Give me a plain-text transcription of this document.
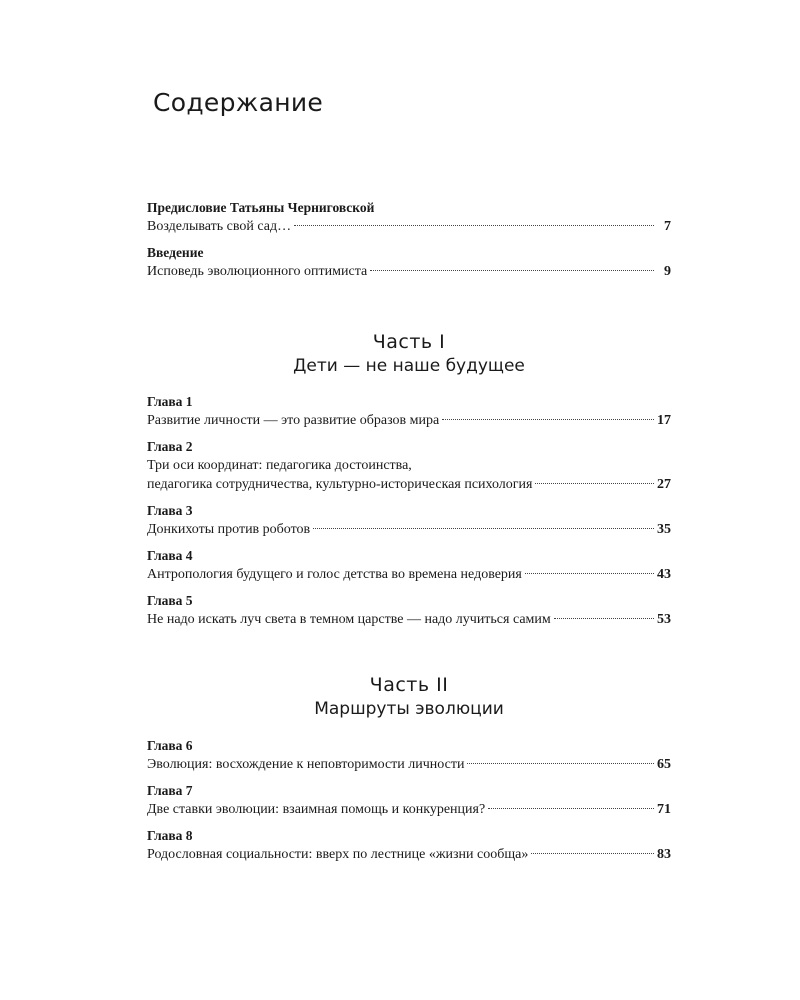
Содержание
Предисловие Татьяны Черниговской
Возделывать свой сад…	7
Введение
Исповедь эволюционного оптимиста	9
Часть I
Дети — не наше будущее
Глава 1
Развитие личности — это развитие образов мира	17
Глава 2
Три оси координат: педагогика достоинства,
педагогика сотрудничества, культурно-историческая психология	27
Глава 3
Донкихоты против роботов	35
Глава 4
Антропология будущего и голос детства во времена недоверия	43
Глава 5
Не надо искать луч света в темном царстве — надо лучиться самим	53
Часть II
Маршруты эволюции
Глава 6
Эволюция: восхождение к неповторимости личности	65
Глава 7
Две ставки эволюции: взаимная помощь и конкуренция?	71
Глава 8
Родословная социальности: вверх по лестнице «жизни сообща»	83
